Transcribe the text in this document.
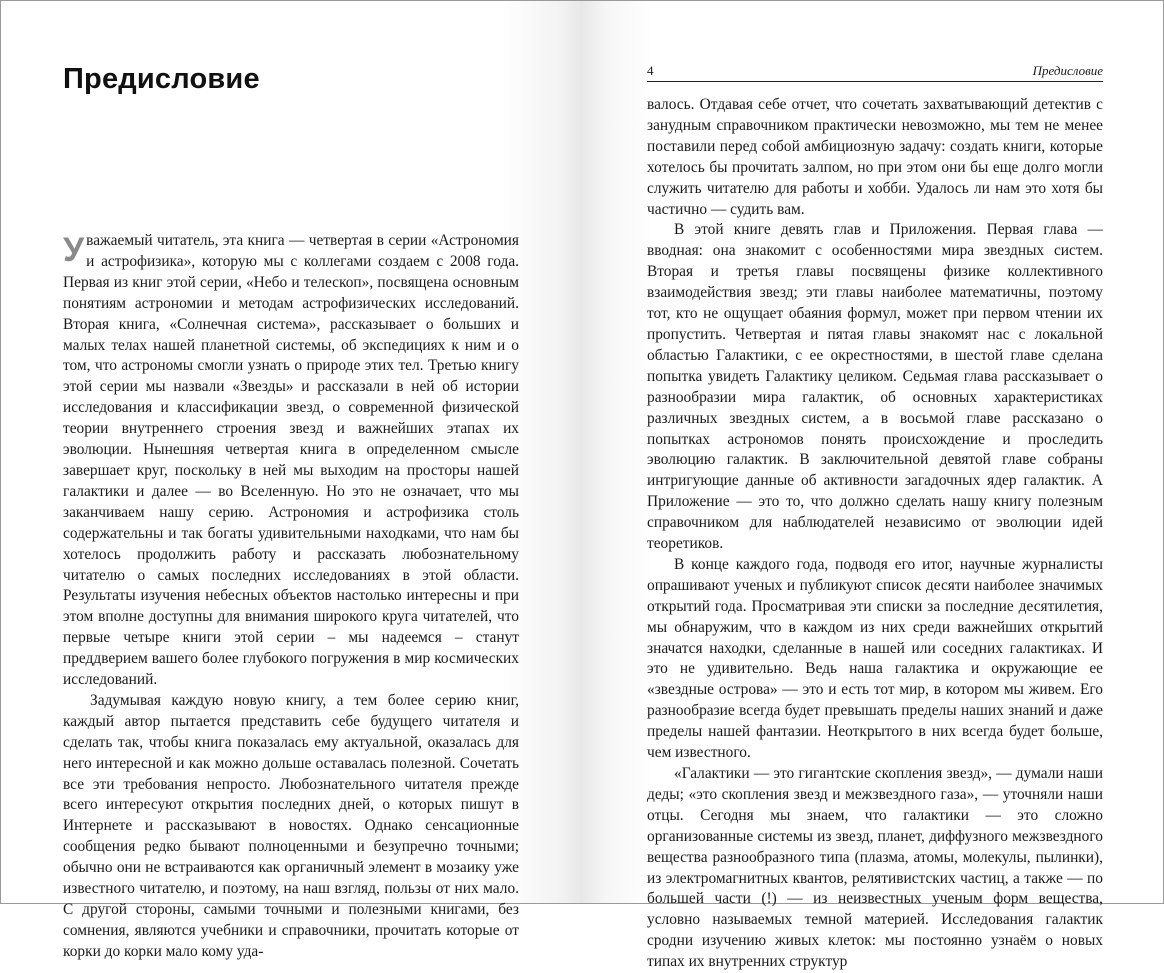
Предисловие

Уважаемый читатель, эта книга — четвертая в серии «Астрономия и астрофизика», которую мы с коллегами создаем с 2008 года. Первая из книг этой серии, «Небо и телескоп», посвящена основным понятиям астрономии и методам астрофизических исследований. Вторая книга, «Солнечная система», рассказывает о больших и малых телах нашей планетной системы, об экспедициях к ним и о том, что астрономы смогли узнать о природе этих тел. Третью книгу этой серии мы назвали «Звезды» и рассказали в ней об истории исследования и классификации звезд, о современной физической теории внутреннего строения звезд и важнейших этапах их эволюции. Нынешняя четвертая книга в определенном смысле завершает круг, поскольку в ней мы выходим на просторы нашей галактики и далее — во Вселенную. Но это не означает, что мы заканчиваем нашу серию. Астрономия и астрофизика столь содержательны и так богаты удивительными находками, что нам бы хотелось продолжить работу и рассказать любознательному читателю о самых последних исследованиях в этой области. Результаты изучения небесных объектов настолько интересны и при этом вполне доступны для внимания широкого круга читателей, что первые четыре книги этой серии – мы надеемся – станут преддверием вашего более глубокого погружения в мир космических исследований.

Задумывая каждую новую книгу, а тем более серию книг, каждый автор пытается представить себе будущего читателя и сделать так, чтобы книга показалась ему актуальной, оказалась для него интересной и как можно дольше оставалась полезной. Сочетать все эти требования непросто. Любознательного читателя прежде всего интересуют открытия последних дней, о которых пишут в Интернете и рассказывают в новостях. Однако сенсационные сообщения редко бывают полноценными и безупречно точными; обычно они не встраиваются как органичный элемент в мозаику уже известного читателю, и поэтому, на наш взгляд, пользы от них мало. С другой стороны, самыми точными и полезными книгами, без сомнения, являются учебники и справочники, прочитать которые от корки до корки мало кому уда-

4	Предисловие

валось. Отдавая себе отчет, что сочетать захватывающий детектив с занудным справочником практически невозможно, мы тем не менее поставили перед собой амбициозную задачу: создать книги, которые хотелось бы прочитать залпом, но при этом они бы еще долго могли служить читателю для работы и хобби. Удалось ли нам это хотя бы частично — судить вам.

В этой книге девять глав и Приложения. Первая глава — вводная: она знакомит с особенностями мира звездных систем. Вторая и третья главы посвящены физике коллективного взаимодействия звезд; эти главы наиболее математичны, поэтому тот, кто не ощущает обаяния формул, может при первом чтении их пропустить. Четвертая и пятая главы знакомят нас с локальной областью Галактики, с ее окрестностями, в шестой главе сделана попытка увидеть Галактику целиком. Седьмая глава рассказывает о разнообразии мира галактик, об основных характеристиках различных звездных систем, а в восьмой главе рассказано о попытках астрономов понять происхождение и проследить эволюцию галактик. В заключительной девятой главе собраны интригующие данные об активности загадочных ядер галактик. А Приложение — это то, что должно сделать нашу книгу полезным справочником для наблюдателей независимо от эволюции идей теоретиков.

В конце каждого года, подводя его итог, научные журналисты опрашивают ученых и публикуют список десяти наиболее значимых открытий года. Просматривая эти списки за последние десятилетия, мы обнаружим, что в каждом из них среди важнейших открытий значатся находки, сделанные в нашей или соседних галактиках. И это не удивительно. Ведь наша галактика и окружающие ее «звездные острова» — это и есть тот мир, в котором мы живем. Его разнообразие всегда будет превышать пределы наших знаний и даже пределы нашей фантазии. Неоткрытого в них всегда будет больше, чем известного.

«Галактики — это гигантские скопления звезд», — думали наши деды; «это скопления звезд и межзвездного газа», — уточняли наши отцы. Сегодня мы знаем, что галактики — это сложно организованные системы из звезд, планет, диффузного межзвездного вещества разнообразного типа (плазма, атомы, молекулы, пылинки), из электромагнитных квантов, релятивистских частиц, а также — по большей части (!) — из неизвестных ученым форм вещества, условно называемых темной материей. Исследования галактик сродни изучению живых клеток: мы постоянно узнаём о новых типах их внутренних структур
